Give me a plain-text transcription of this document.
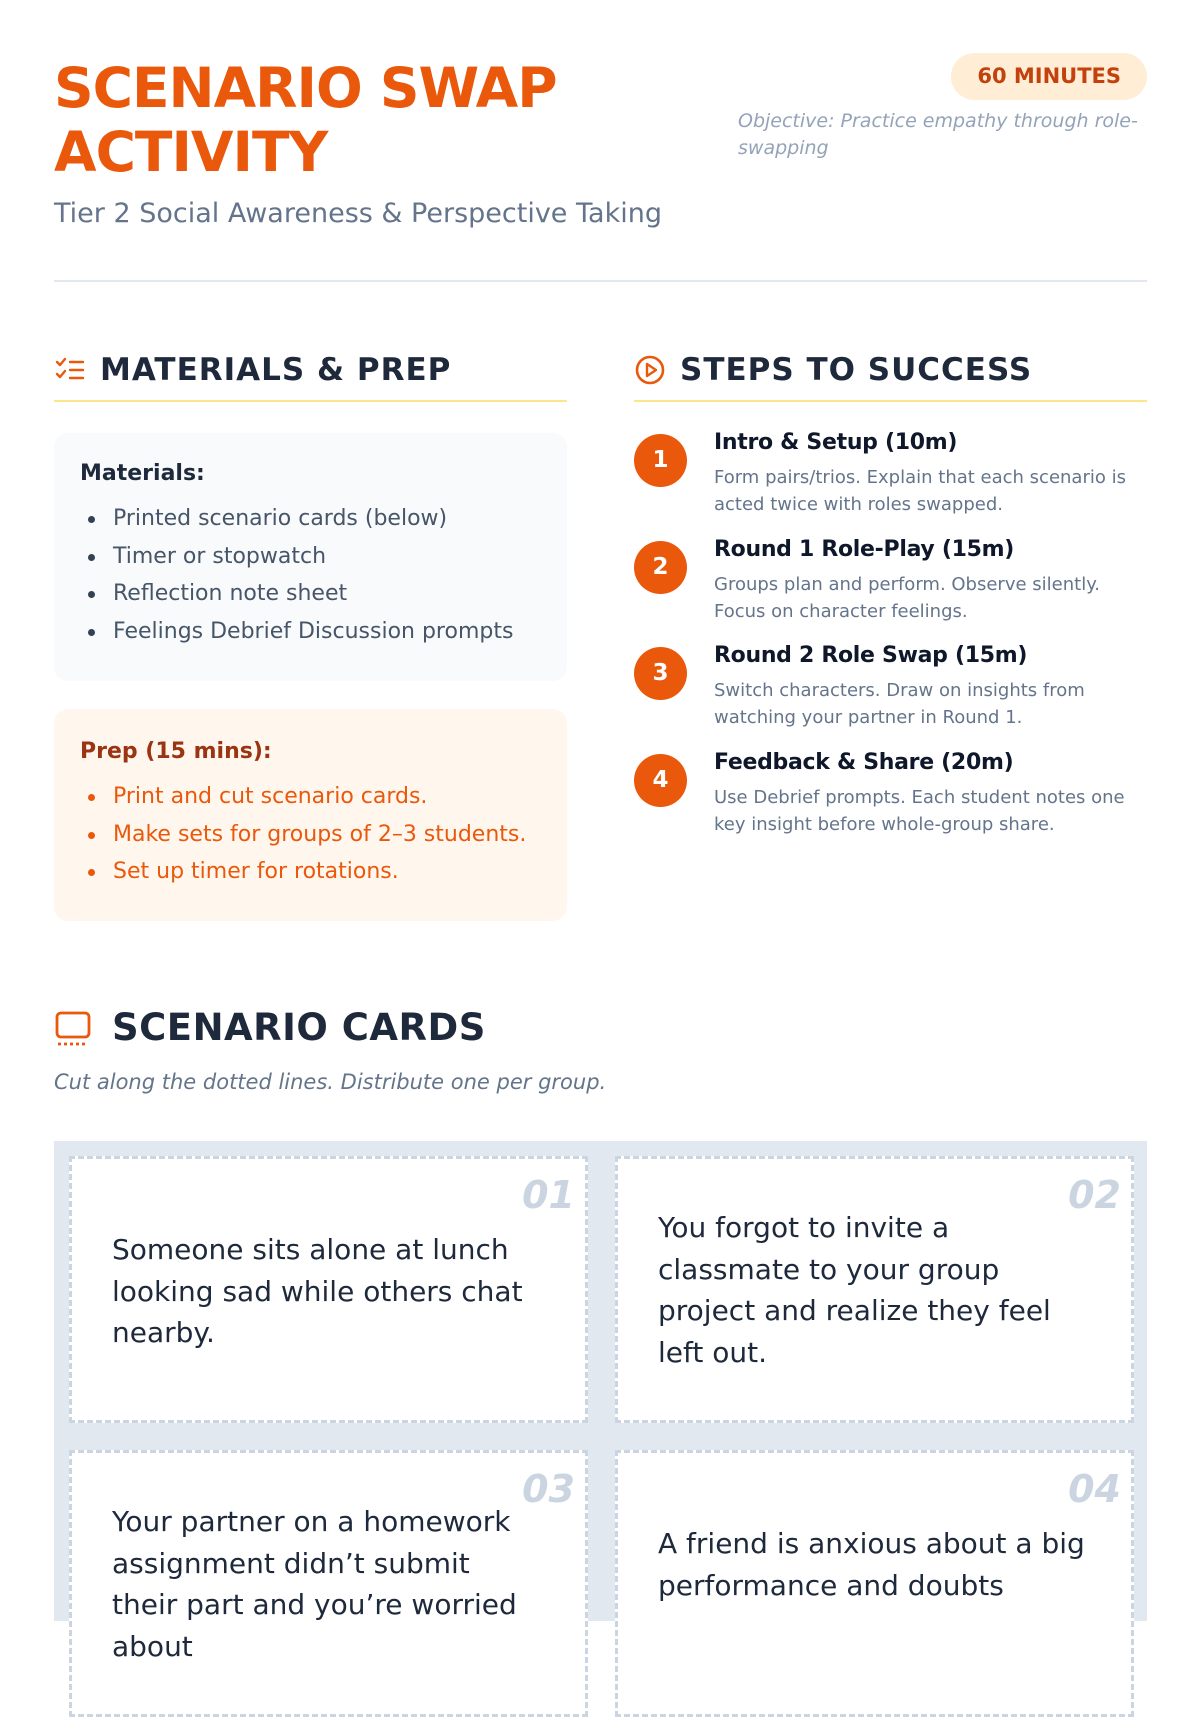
SCENARIO SWAP ACTIVITY
Tier 2 Social Awareness & Perspective Taking
60 MINUTES
Objective: Practice empathy through role-swapping
MATERIALS & PREP
Materials:
Printed scenario cards (below)
Timer or stopwatch
Reflection note sheet
Feelings Debrief Discussion prompts
Prep (15 mins):
Print and cut scenario cards.
Make sets for groups of 2–3 students.
Set up timer for rotations.
STEPS TO SUCCESS
1
Intro & Setup (10m)
Form pairs/trios. Explain that each scenario is acted twice with roles swapped.
2
Round 1 Role-Play (15m)
Groups plan and perform. Observe silently. Focus on character feelings.
3
Round 2 Role Swap (15m)
Switch characters. Draw on insights from watching your partner in Round 1.
4
Feedback & Share (20m)
Use Debrief prompts. Each student notes one key insight before whole-group share.
SCENARIO CARDS
Cut along the dotted lines. Distribute one per group.
01
Someone sits alone at lunch looking sad while others chat nearby.
02
You forgot to invite a classmate to your group project and realize they feel left out.
03
Your partner on a homework assignment didn’t submit their part and you’re worried about
04
A friend is anxious about a big performance and doubts
